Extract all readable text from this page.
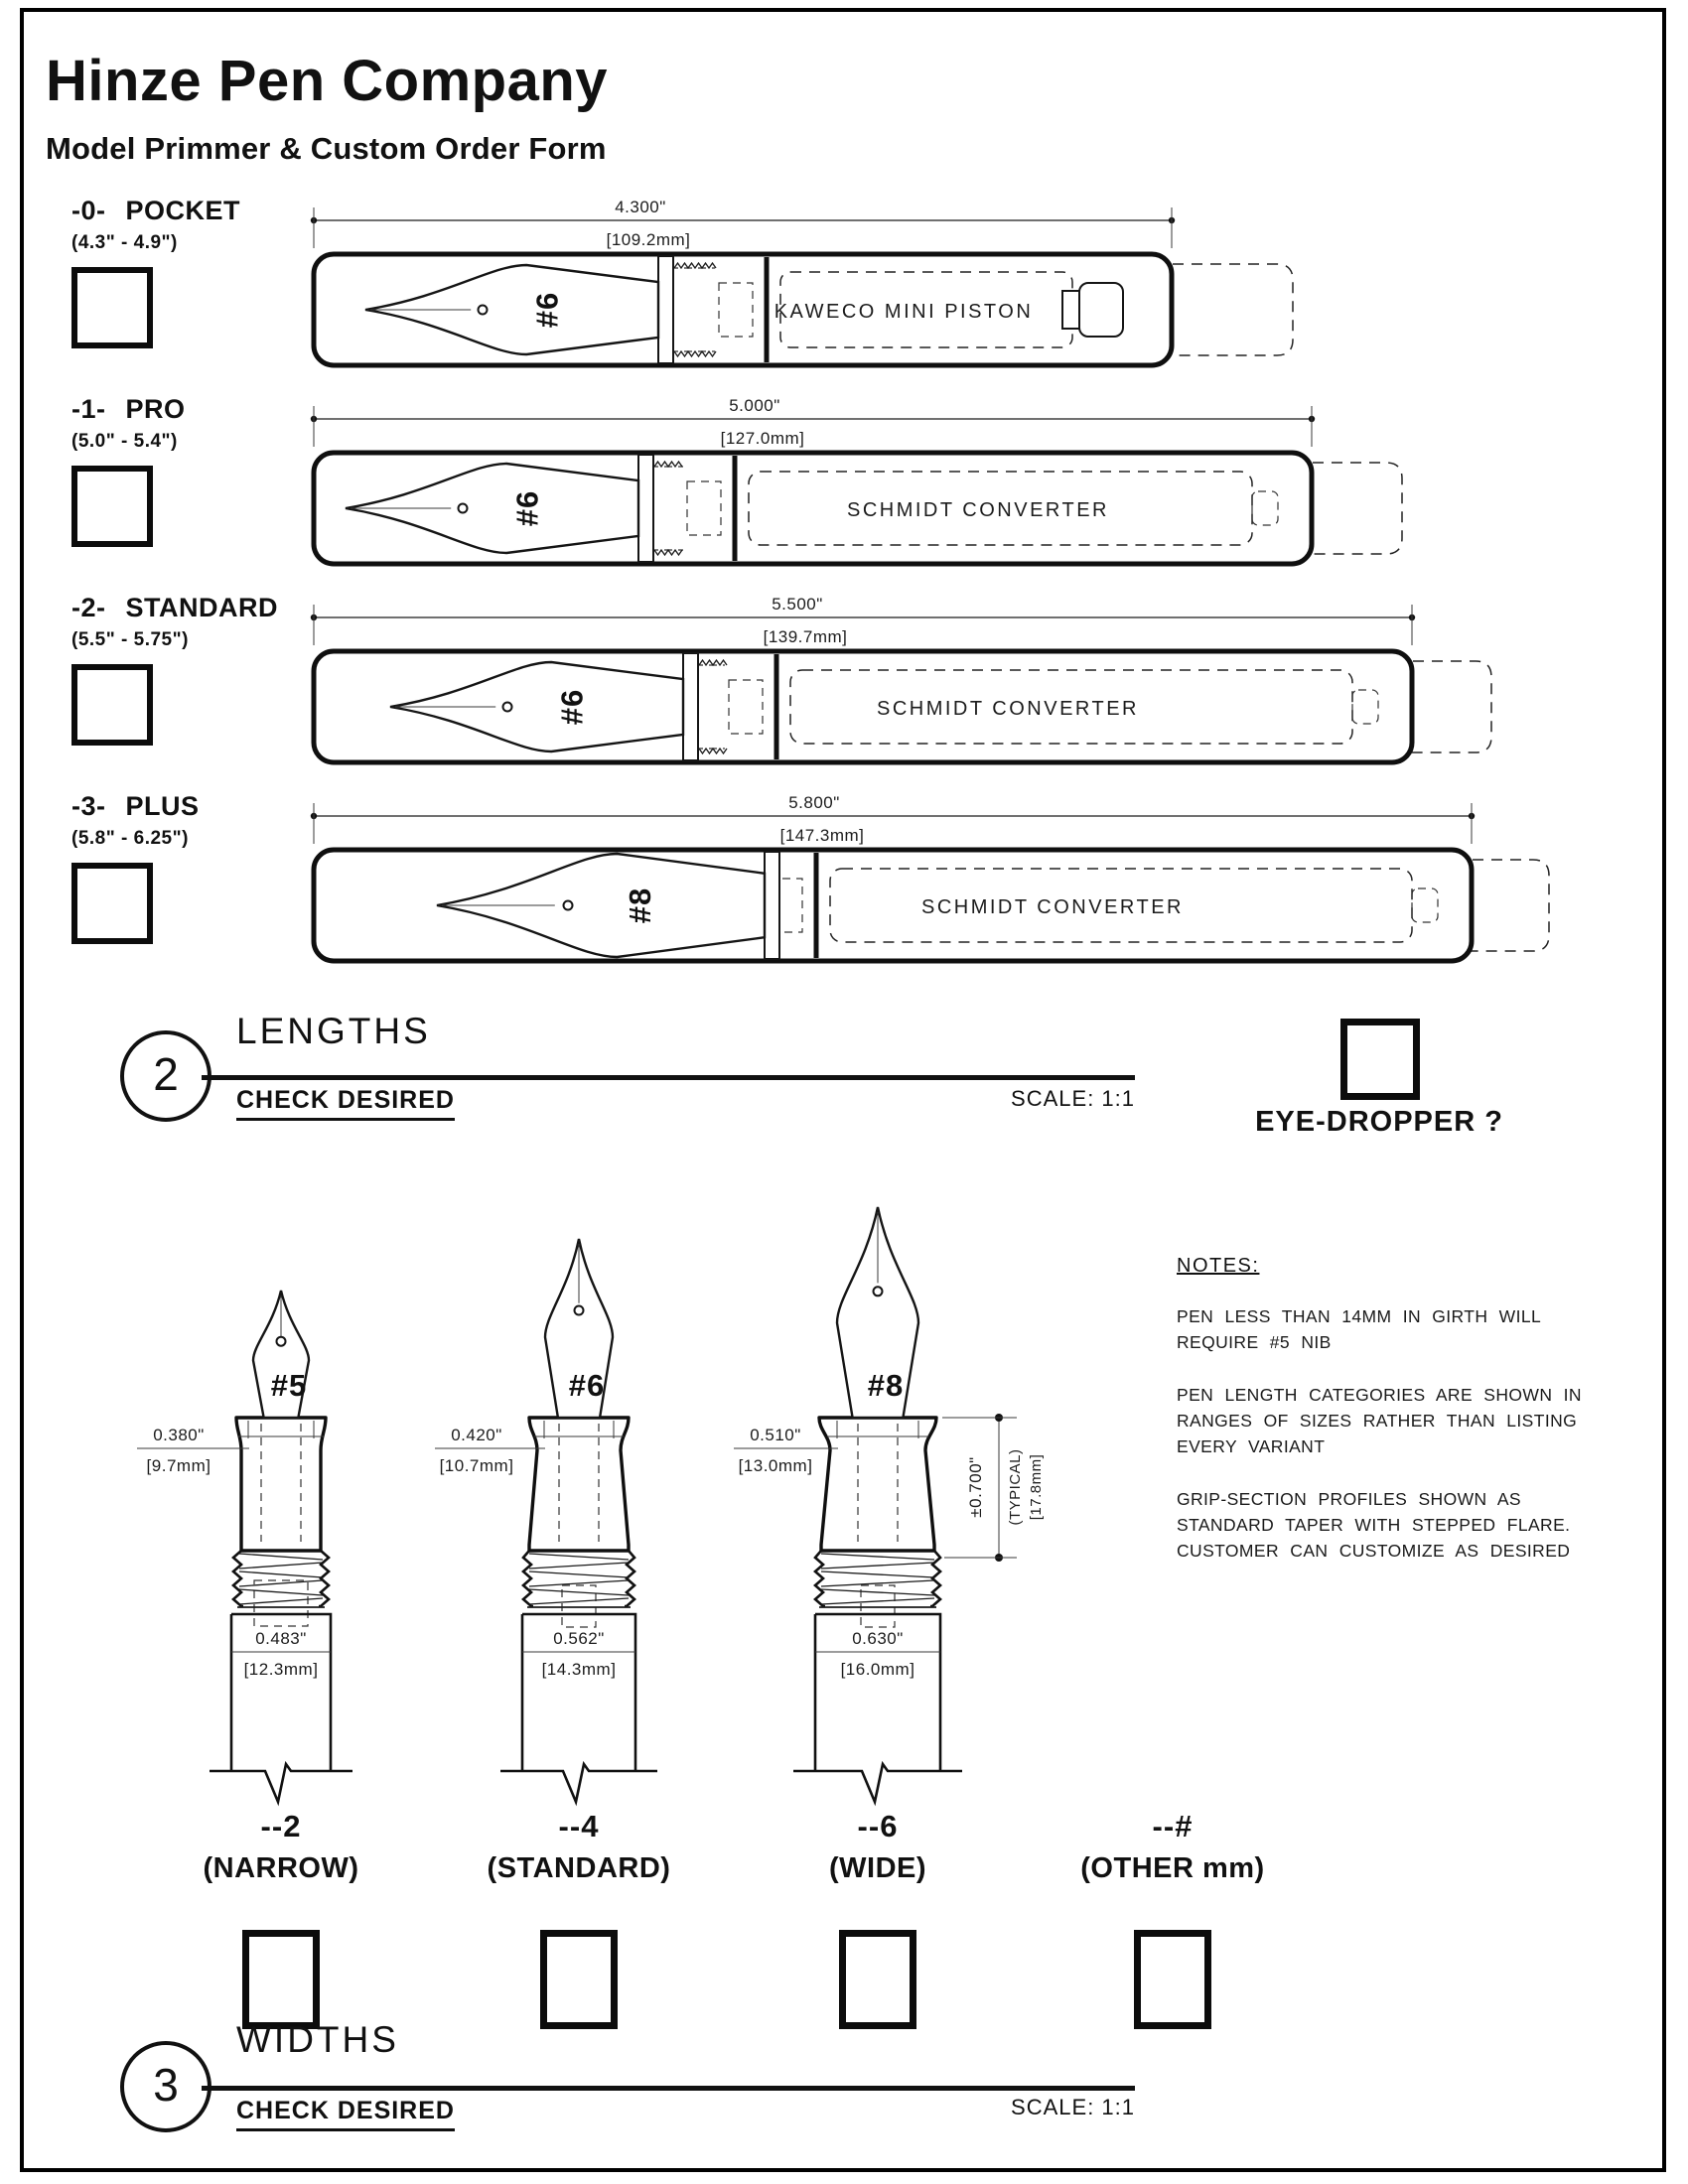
KAWECO MINI PISTON
#6
4.300"
[109.2mm]
SCHMIDT CONVERTER
#6
5.000"
[127.0mm]
SCHMIDT CONVERTER
#6
5.500"
[139.7mm]
SCHMIDT CONVERTER
#8
5.800"
[147.3mm]
#5
0.380"
[9.7mm]
0.483"
[12.3mm]
#6
0.420"
[10.7mm]
0.562"
[14.3mm]
#8
0.510"
[13.0mm]
0.630"
[16.0mm]
±0.700" (TYPICAL) [17.8mm]
Hinze Pen Company
Model Primmer & Custom Order Form
-0- POCKET
(4.3" - 4.9")
-1- PRO
(5.0" - 5.4")
-2- STANDARD
(5.5" - 5.75")
-3- PLUS
(5.8" - 6.25")
2
LENGTHS
CHECK DESIRED	SCALE: 1:1
EYE-DROPPER ?
NOTES:
PEN LESS THAN 14MM IN GIRTH WILL
REQUIRE #5 NIB
PEN LENGTH CATEGORIES ARE SHOWN IN
RANGES OF SIZES RATHER THAN LISTING
EVERY VARIANT
GRIP-SECTION PROFILES SHOWN AS
STANDARD TAPER WITH STEPPED FLARE.
CUSTOMER CAN CUSTOMIZE AS DESIRED
--2
(NARROW)
--4
(STANDARD)
--6
(WIDE)
--#
(OTHER mm)
3
WIDTHS
CHECK DESIRED	SCALE: 1:1
